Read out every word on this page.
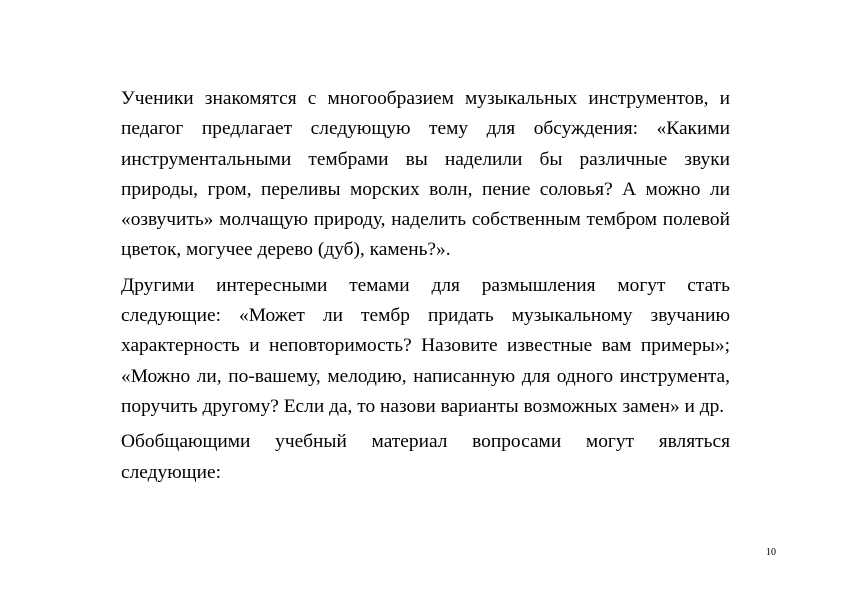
Ученики знакомятся с многообразием музыкальных инструментов, и педагог предлагает следующую тему для обсуждения: «Какими инструментальными тембрами вы наделили бы различные звуки природы, гром, переливы морских волн, пение соловья? А можно ли «озвучить» молчащую природу, наделить собственным тембром полевой цветок, могучее дерево (дуб), камень?».

Другими интересными темами для размышления могут стать следующие: «Может ли тембр придать музыкальному звучанию характерность и неповторимость? Назовите известные вам примеры»; «Можно ли, по-вашему, мелодию, написанную для одного инструмента, поручить другому? Если да, то назови варианты возможных замен» и др.

Обобщающими учебный материал вопросами могут являться следующие:

10
